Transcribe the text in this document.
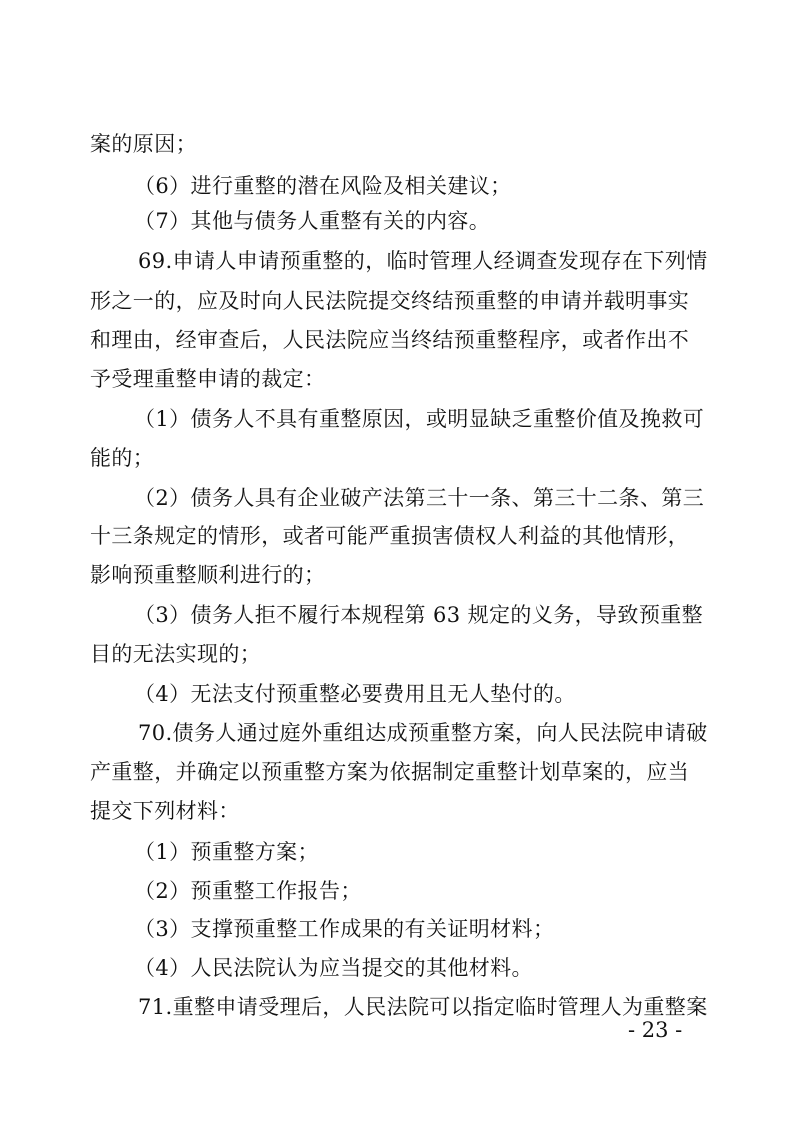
案的原因；
（6）进行重整的潜在风险及相关建议；
（7）其他与债务人重整有关的内容。
69.申请人申请预重整的，临时管理人经调查发现存在下列情
形之一的，应及时向人民法院提交终结预重整的申请并载明事实
和理由，经审查后，人民法院应当终结预重整程序，或者作出不
予受理重整申请的裁定：
（1）债务人不具有重整原因，或明显缺乏重整价值及挽救可
能的；
（2）债务人具有企业破产法第三十一条、第三十二条、第三
十三条规定的情形，或者可能严重损害债权人利益的其他情形，
影响预重整顺利进行的；
（3）债务人拒不履行本规程第 63 规定的义务，导致预重整
目的无法实现的；
（4）无法支付预重整必要费用且无人垫付的。
70.债务人通过庭外重组达成预重整方案，向人民法院申请破
产重整，并确定以预重整方案为依据制定重整计划草案的，应当
提交下列材料：
（1）预重整方案；
（2）预重整工作报告；
（3）支撑预重整工作成果的有关证明材料；
（4）人民法院认为应当提交的其他材料。
71.重整申请受理后，人民法院可以指定临时管理人为重整案
- 23 -
